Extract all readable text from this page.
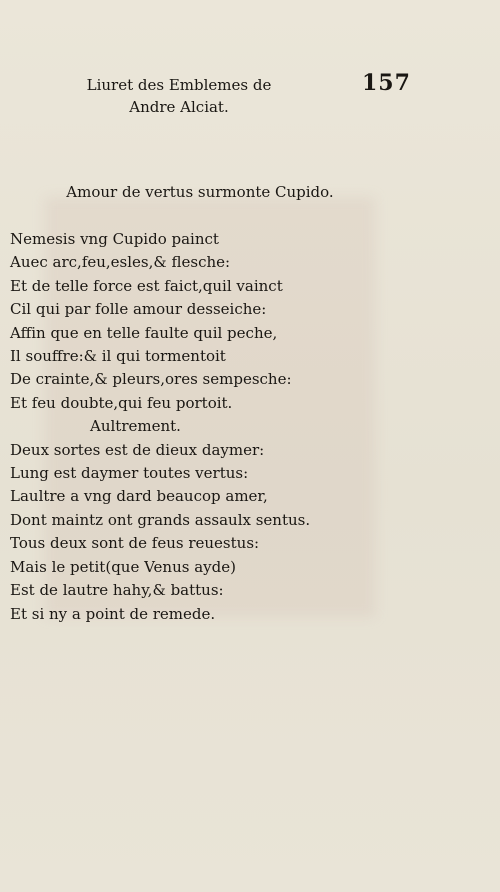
Liuret des Emblemes de
Andre Alciat.
157
Amour de vertus surmonte Cupido.
Nemesis vng Cupido painct
Auec arc,feu,esles,& flesche:
Et de telle force est faict,quil vainct
Cil qui par folle amour desseiche:
Affin que en telle faulte quil peche,
Il souffre:& il qui tormentoit
De crainte,& pleurs,ores sempesche:
Et feu doubte,qui feu portoit.
Aultrement.
Deux sortes est de dieux daymer:
Lung est daymer toutes vertus:
Laultre a vng dard beaucop amer,
Dont maintz ont grands assaulx sentus.
Tous deux sont de feus reuestus:
Mais le petit(que Venus ayde)
Est de lautre hahy,& battus:
Et si ny a point de remede.
